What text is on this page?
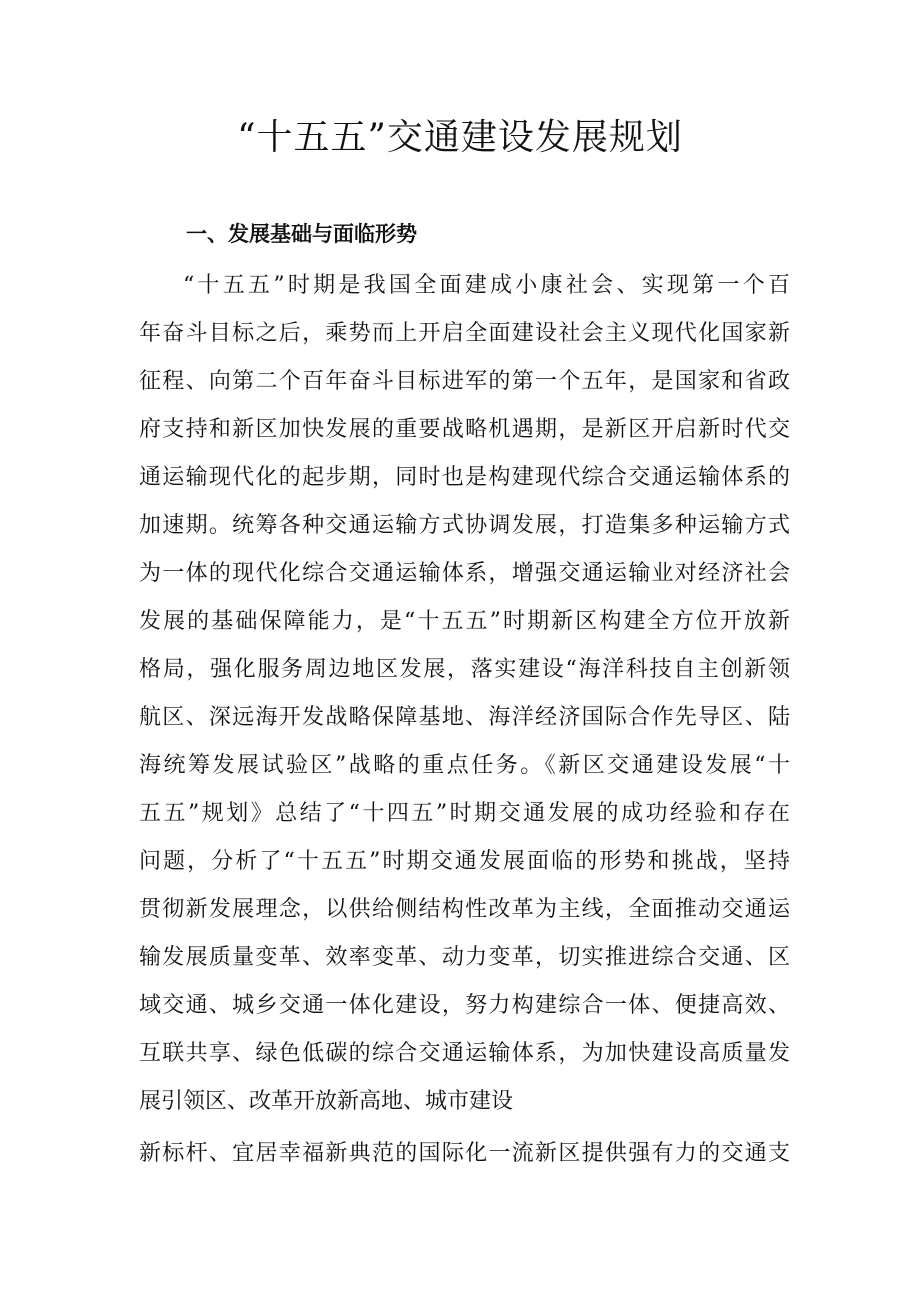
“十五五”交通建设发展规划
一、发展基础与面临形势
“十五五”时期是我国全面建成小康社会、实现第一个百
年奋斗目标之后，乘势而上开启全面建设社会主义现代化国家新
征程、向第二个百年奋斗目标进军的第一个五年，是国家和省政
府支持和新区加快发展的重要战略机遇期，是新区开启新时代交
通运输现代化的起步期，同时也是构建现代综合交通运输体系的
加速期。统筹各种交通运输方式协调发展，打造集多种运输方式
为一体的现代化综合交通运输体系，增强交通运输业对经济社会
发展的基础保障能力，是“十五五”时期新区构建全方位开放新
格局，强化服务周边地区发展，落实建设“海洋科技自主创新领
航区、深远海开发战略保障基地、海洋经济国际合作先导区、陆
海统筹发展试验区”战略的重点任务。《新区交通建设发展“十
五五”规划》总结了“十四五”时期交通发展的成功经验和存在
问题，分析了“十五五”时期交通发展面临的形势和挑战，坚持
贯彻新发展理念，以供给侧结构性改革为主线，全面推动交通运
输发展质量变革、效率变革、动力变革，切实推进综合交通、区
域交通、城乡交通一体化建设，努力构建综合一体、便捷高效、
互联共享、绿色低碳的综合交通运输体系，为加快建设高质量发
展引领区、改革开放新高地、城市建设
新标杆、宜居幸福新典范的国际化一流新区提供强有力的交通支
